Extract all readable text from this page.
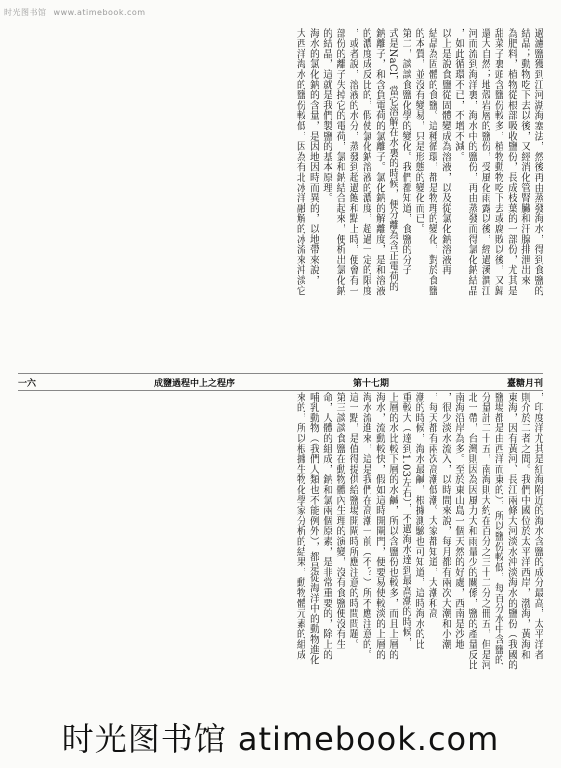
时光图书馆 www.atimebook.com
過濾鹽獲到江河湖海塞法，然後再由蒸發海水，得到食鹽的
結晶；動物吃下去以後，又經消化管腎臟和汗腺排泄出來
為肥料，植物從根部吸收鹽份，長成枝葉的一部份，尤其是
甜菜子裏頭含鹽份較多，植物動物吃下去或腐敗以後，又歸
還大自然；地殼岩層的鹽份，受風化雨露以後，經過溪澗江
河而流到海洋裏，海水中的鹽份，再由蒸發而得氯化鈉結晶
，如此循環不已，不增不減。
以上是說食鹽從固體變成為溶液，以及從氯化鈉溶液再
結晶為固體的食鹽。這種循環，都是物理的變化，對於食鹽
的本質，並沒有變易，只是形態的變化而已。
第二，談談食鹽化學的變化。我們都知道，食鹽的分子
式是NaCl，當它溶解在水裏的時候，便分離為含正電荷的
鈉離子，和含負電荷的氯離子。氯化鈉的解離度，是和溶液
的濃度成反比的，假使氯化鈉溶液的濃度，超過一定的限度
，或者說，溶液的水分，蒸發到超過飽和點上時，便會有一
部份的離子失掉它的電荷，氯和鈉結合起來，便析出氯化鈉
的結晶，這就是我們製鹽的基本原理。
海水的氯化鈉的含量，是因地因時而異的，以地帶來說，
大西洋海水的鹽份較低，因為有北冰洋融解的冰流來沖淡它
一六	成鹽過程中上之程序	第十七期	臺糖月刊
，印度洋尤其是紅海附近的海水含鹽的成分最高，太平洋者
則介於二者之間。我們中國位於太平洋西岸，渤海，黃海和
東海，因有黃河、長江兩條大河淡水沖淡海水的鹽份（我國的
鹽場都是由西洋而東的），所以鹽份較低，每百分水中含鹽的
分量計二十五，南海則大約在百分之三十二分之冊五，但是河
北一帶，台灣則因為因風力大和雨量少的關係，鹽的產量反比
南海沿岸為多。至於東山島一個天然的好處，西南是沙地
，很少淡水流入，以時間來說，每月都有兩次大潮和小潮
，每天都有兩次高潮低潮。大家都知道，大潮和高
潮的時候，海水最鹹，根據測驗也可知道，這時海水的比
重較大（達到1.03左右），不過海水達到最高潮的時候，
上層的水比較下層的水鹹，所以含鹽份也較多，而且上層的
海水，流動較快，假如這時開閘門，便要易使較淡的上層的
海水流進來，這是我們在高潮一前（不？）所不應注意的。
這一點，是值得提供給鹽場開閘時所應注意的時間問題。
第三談談食鹽在動物體內生理的演變，沒有食鹽便沒有生
命，人體的組成，鈉和氯兩個原素，是非常重要的，除上的
哺乳動物（我們人類也不能例外），都是從海洋中的動物進化
來的，所以根據生物化學家分析的結果，動物體元素的組成
时光图书馆 atimebook.com
